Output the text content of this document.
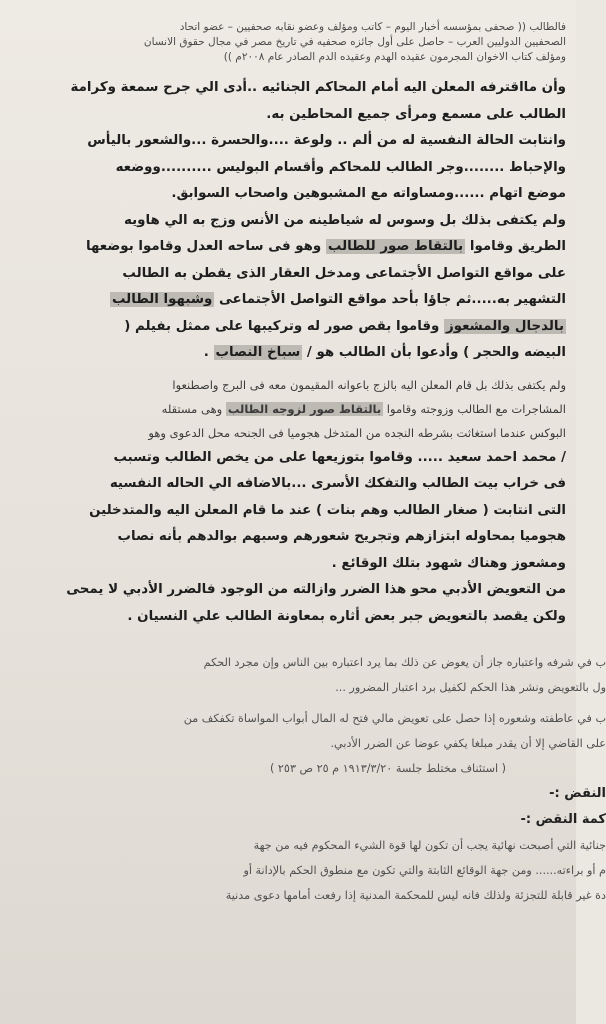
فالطالب (( صحفى بمؤسسه أخبار اليوم – كاتب ومؤلف وعضو نقابه صحفيين – عضو اتحاد

الصحفيين الدوليين العرب – حاصل على أول جائزه صحفيه في تاريخ مصر في مجال حقوق الانسان

ومؤلف كتاب الاخوان المجرمون عقيده الهدم وعقيده الدم الصادر عام ٢٠٠٨م ))

وأن مااقترفه المعلن اليه أمام المحاكم الجنائيه ..أدى الي جرح سمعة وكرامة

الطالب على مسمع ومرأى جميع المحاطين به.

وانتابت الحالة النفسية له من ألم .. ولوعة ....والحسرة ...والشعور باليأس

والإحباط ........وجر الطالب للمحاكم وأقسام البوليس ..........ووضعه

موضع اتهام ......ومساواته مع المشبوهين واصحاب السوابق.

ولم يكتفى بذلك بل وسوس له شياطينه من الأنس وزج به الي هاويه

الطريق وقاموا بالتقاط صور للطالب وهو فى ساحه العدل وقاموا بوضعها

على مواقع التواصل الأجتماعى ومدخل العقار الذى يقطن به الطالب

التشهير به.....ثم جاؤا بأحد مواقع التواصل الأجتماعى وشبهوا الطالب

بالدجال والمشعوز وقاموا بقص صور له وتركيبها على ممثل بفيلم (

البيضه والحجر ) وأدعوا بأن الطالب هو / سباخ النصاب .

ولم يكتفى بذلك بل قام المعلن اليه بالزج باعوانه المقيمون معه فى البرج واصطنعوا

المشاجرات مع الطالب وزوجته وقاموا بالتقاط صور لزوجه الطالب وهى مستقله

البوكس عندما استغاثت بشرطه النجده من المتدخل هجوميا فى الجنحه محل الدعوى وهو

/ محمد احمد سعيد ..... وقاموا بتوزيعها على من يخص الطالب وتسبب

فى خراب بيت الطالب والتفكك الأسرى ...بالاضافه الي الحاله النفسيه

التى انتابت ( صغار الطالب وهم بنات ) عند ما قام المعلن اليه والمتدخلين

هجوميا بمحاوله ابتزازهم وتجريح شعورهم وسبهم بوالدهم بأنه نصاب

ومشعوز وهناك شهود بتلك الوقائع .

من التعويض الأدبي محو هذا الضرر وازالته من الوجود فالضرر الأدبي لا يمحى

ولكن يقصد بالتعويض جبر بعض أثاره بمعاونة الطالب علي النسيان .

ب في شرفه واعتباره جاز أن يعوض عن ذلك بما يرد اعتباره بين الناس وإن مجرد الحكم

ول بالتعويض ونشر هذا الحكم لكفيل برد اعتبار المضرور ...

ب في عاطفته وشعوره إذا حصل على تعويض مالي فتح له المال أبواب المواساة تكفكف من

على القاضي إلا أن يقدر مبلغا يكفي عوضا عن الضرر الأدبي.

( استئناف مختلط جلسة ١٩١٣/٣/٢٠ م ٢٥ ص ٢٥٣ )

النقض :-

كمة النقض :-

جنائية التي أصبحت نهائية يجب أن تكون لها قوة الشيء المحكوم فيه من جهة

م أو براءته...... ومن جهة الوقائع الثابتة والتي تكون مع منطوق الحكم بالإدانة أو

دة غير قابلة للتجزئة ولذلك فانه ليس للمحكمة المدنية إذا رفعت أمامها دعوى مدنية
